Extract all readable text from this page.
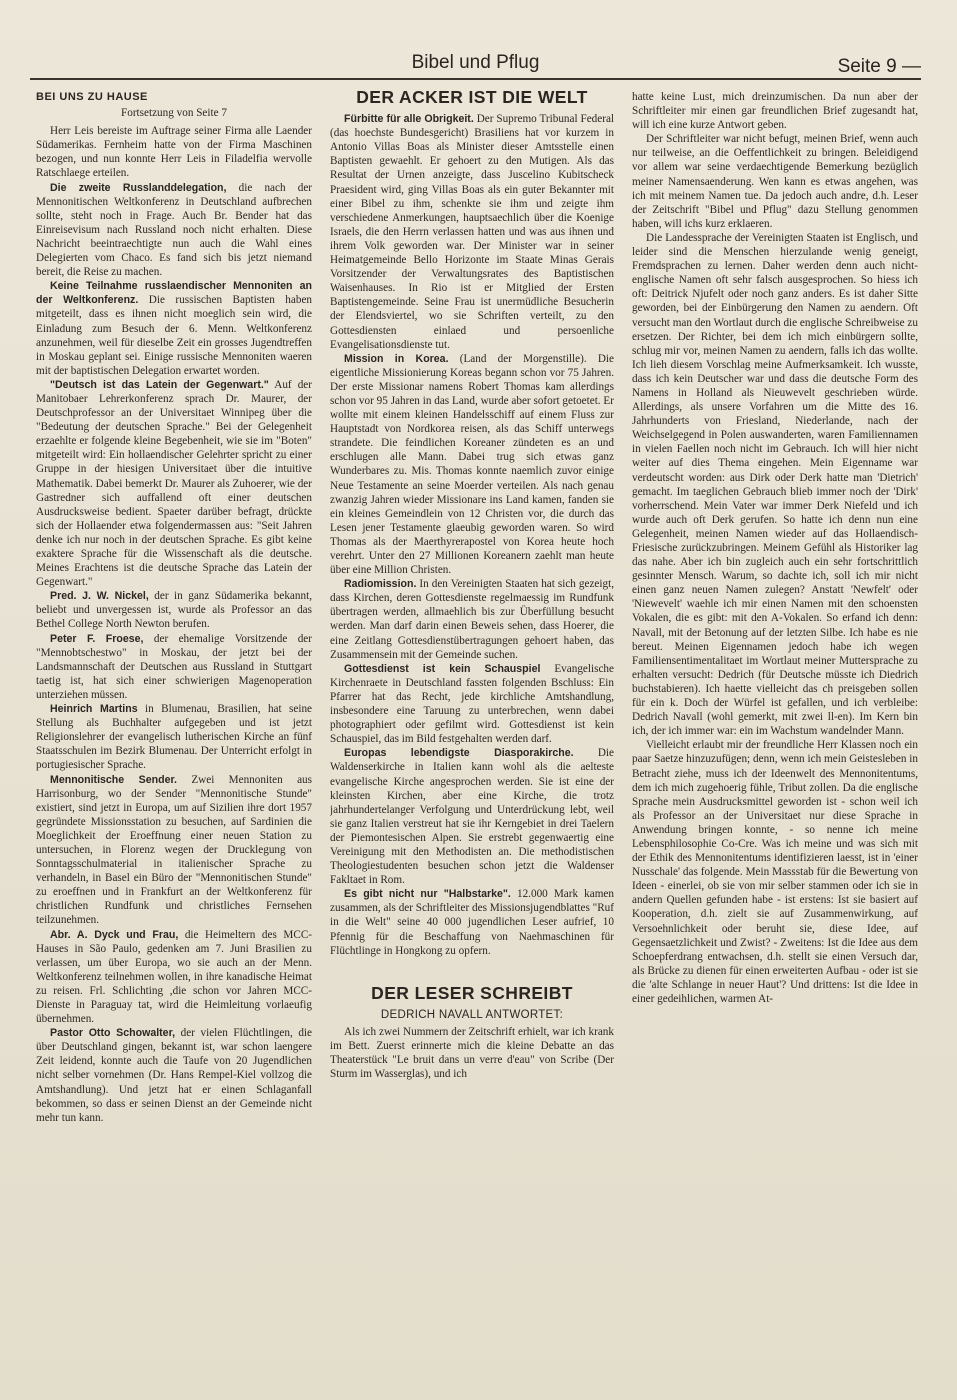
Bibel und Pflug	Seite 9 —
BEI UNS ZU HAUSE
Fortsetzung von Seite 7

Herr Leis bereiste im Auftrage seiner Firma alle Laender Südamerikas. Fernheim hatte von der Firma Maschinen bezogen, und nun konnte Herr Leis in Filadelfia wervolle Ratschlaege erteilen.

Die zweite Russlanddelegation, die nach der Mennonitischen Weltkonferenz in Deutschland aufbrechen sollte, steht noch in Frage. Auch Br. Bender hat das Einreisevisum nach Russland noch nicht erhalten. Diese Nachricht beeintraechtigte nun auch die Wahl eines Delegierten vom Chaco. Es fand sich bis jetzt niemand bereit, die Reise zu machen.

Keine Teilnahme russlaendischer Mennoniten an der Weltkonferenz. Die russischen Baptisten haben mitgeteilt, dass es ihnen nicht moeglich sein wird, die Einladung zum Besuch der 6. Menn. Weltkonferenz anzunehmen, weil für dieselbe Zeit ein grosses Jugendtreffen in Moskau geplant sei. Einige russische Mennoniten waeren mit der baptistischen Delegation erwartet worden.

"Deutsch ist das Latein der Gegenwart." Auf der Manitobaer Lehrerkonferenz sprach Dr. Maurer, der Deutschprofessor an der Universitaet Winnipeg über die "Bedeutung der deutschen Sprache." Bei der Gelegenheit erzaehlte er folgende kleine Begebenheit, wie sie im "Boten" mitgeteilt wird: Ein hollaendischer Gelehrter spricht zu einer Gruppe in der hiesigen Universitaet über die intuitive Mathematik. Dabei bemerkt Dr. Maurer als Zuhoerer, wie der Gastredner sich auffallend oft einer deutschen Ausdrucksweise bedient. Spaeter darüber befragt, drückte sich der Hollaender etwa folgendermassen aus: "Seit Jahren denke ich nur noch in der deutschen Sprache. Es gibt keine exaktere Sprache für die Wissenschaft als die deutsche. Meines Erachtens ist die deutsche Sprache das Latein der Gegenwart."

Pred. J. W. Nickel, der in ganz Südamerika bekannt, beliebt und unvergessen ist, wurde als Professor an das Bethel College North Newton berufen.

Peter F. Froese, der ehemalige Vorsitzende der "Mennobtschestwo" in Moskau, der jetzt bei der Landsmannschaft der Deutschen aus Russland in Stuttgart taetig ist, hat sich einer schwierigen Magenoperation unterziehen müssen.

Heinrich Martins in Blumenau, Brasilien, hat seine Stellung als Buchhalter aufgegeben und ist jetzt Religionslehrer der evangelisch lutherischen Kirche an fünf Staatsschulen im Bezirk Blumenau. Der Unterricht erfolgt in portugiesischer Sprache.

Mennonitische Sender. Zwei Mennoniten aus Harrisonburg, wo der Sender "Mennonitische Stunde" existiert, sind jetzt in Europa, um auf Sizilien ihre dort 1957 gegründete Missionsstation zu besuchen, auf Sardinien die Moeglichkeit der Eroeffnung einer neuen Station zu untersuchen, in Florenz wegen der Drucklegung von Sonntagsschulmaterial in italienischer Sprache zu verhandeln, in Basel ein Büro der "Mennonitischen Stunde" zu eroeffnen und in Frankfurt an der Weltkonferenz für christlichen Rundfunk und christliches Fernsehen teilzunehmen.

Abr. A. Dyck und Frau, die Heimeltern des MCC-Hauses in São Paulo, gedenken am 7. Juni Brasilien zu verlassen, um über Europa, wo sie auch an der Menn. Weltkonferenz teilnehmen wollen, in ihre kanadische Heimat zu reisen. Frl. Schlichting ,die schon vor Jahren MCC-Dienste in Paraguay tat, wird die Heimleitung vorlaeufig übernehmen.

Pastor Otto Schowalter, der vielen Flüchtlingen, die über Deutschland gingen, bekannt ist, war schon laengere Zeit leidend, konnte auch die Taufe von 20 Jugendlichen nicht selber vornehmen (Dr. Hans Rempel-Kiel vollzog die Amtshandlung). Und jetzt hat er einen Schlaganfall bekommen, so dass er seinen Dienst an der Gemeinde nicht mehr tun kann.

DER ACKER IST DIE WELT

Fürbitte für alle Obrigkeit. Der Supremo Tribunal Federal (das hoechste Bundesgericht) Brasiliens hat vor kurzem in Antonio Villas Boas als Minister dieser Amtsstelle einen Baptisten gewaehlt. Er gehoert zu den Mutigen. Als das Resultat der Urnen anzeigte, dass Juscelino Kubitscheck Praesident wird, ging Villas Boas als ein guter Bekannter mit einer Bibel zu ihm, schenkte sie ihm und zeigte ihm verschiedene Anmerkungen, hauptsaechlich über die Koenige Israels, die den Herrn verlassen hatten und was aus ihnen und ihrem Volk geworden war. Der Minister war in seiner Heimatgemeinde Bello Horizonte im Staate Minas Gerais Vorsitzender der Verwaltungsrates des Baptistischen Waisenhauses. In Rio ist er Mitglied der Ersten Baptistengemeinde. Seine Frau ist unermüdliche Besucherin der Elendsviertel, wo sie Schriften verteilt, zu den Gottesdiensten einlaed und persoenliche Evangelisationsdienste tut.

Mission in Korea. (Land der Morgenstille). Die eigentliche Missionierung Koreas begann schon vor 75 Jahren. Der erste Missionar namens Robert Thomas kam allerdings schon vor 95 Jahren in das Land, wurde aber sofort getoetet. Er wollte mit einem kleinen Handelsschiff auf einem Fluss zur Hauptstadt von Nordkorea reisen, als das Schiff unterwegs strandete. Die feindlichen Koreaner zündeten es an und erschlugen alle Mann. Dabei trug sich etwas ganz Wunderbares zu. Mis. Thomas konnte naemlich zuvor einige Neue Testamente an seine Moerder verteilen. Als nach genau zwanzig Jahren wieder Missionare ins Land kamen, fanden sie ein kleines Gemeindlein von 12 Christen vor, die durch das Lesen jener Testamente glaeubig geworden waren. So wird Thomas als der Maerthyrerapostel von Korea heute hoch verehrt. Unter den 27 Millionen Koreanern zaehlt man heute über eine Million Christen.

Radiomission. In den Vereinigten Staaten hat sich gezeigt, dass Kirchen, deren Gottesdienste regelmaessig im Rundfunk übertragen werden, allmaehlich bis zur Überfüllung besucht werden. Man darf darin einen Beweis sehen, dass Hoerer, die eine Zeitlang Gottesdienstübertragungen gehoert haben, das Zusammensein mit der Gemeinde suchen.

Gottesdienst ist kein Schauspiel Evangelische Kirchenraete in Deutschland fassten folgenden Bschluss: Ein Pfarrer hat das Recht, jede kirchliche Amtshandlung, insbesondere eine Taruung zu unterbrechen, wenn dabei photographiert oder gefilmt wird. Gottesdienst ist kein Schauspiel, das im Bild festgehalten werden darf.

Europas lebendigste Diasporakirche. Die Waldenserkirche in Italien kann wohl als die aelteste evangelische Kirche angesprochen werden. Sie ist eine der kleinsten Kirchen, aber eine Kirche, die trotz jahrhundertelanger Verfolgung und Unterdrückung lebt, weil sie ganz Italien verstreut hat sie ihr Kerngebiet in drei Taelern der Piemontesischen Alpen. Sie erstrebt gegenwaertig eine Vereinigung mit den Methodisten an. Die methodistischen Theologiestudenten besuchen schon jetzt die Waldenser Fakltaet in Rom.

Es gibt nicht nur "Halbstarke". 12.000 Mark kamen zusammen, als der Schriftleiter des Missionsjugendblattes "Ruf in die Welt" seine 40 000 jugendlichen Leser aufrief, 10 Pfennig für die Beschaffung von Naehmaschinen für Flüchtlinge in Hongkong zu opfern.

DER LESER SCHREIBT
DEDRICH NAVALL ANTWORTET:

Als ich zwei Nummern der Zeitschrift erhielt, war ich krank im Bett. Zuerst erinnerte mich die kleine Debatte an das Theaterstück "Le bruit dans un verre d'eau" von Scribe (Der Sturm im Wasserglas), und ich

hatte keine Lust, mich dreinzumischen. Da nun aber der Schriftleiter mir einen gar freundlichen Brief zugesandt hat, will ich eine kurze Antwort geben.

Der Schriftleiter war nicht befugt, meinen Brief, wenn auch nur teilweise, an die Oeffentlichkeit zu bringen. Beleidigend vor allem war seine verdaechtigende Bemerkung bezüglich meiner Namensaenderung. Wen kann es etwas angehen, was ich mit meinem Namen tue. Da jedoch auch andre, d.h. Leser der Zeitschrift "Bibel und Pflug" dazu Stellung genommen haben, will ichs kurz erklaeren.

Die Landessprache der Vereinigten Staaten ist Englisch, und leider sind die Menschen hierzulande wenig geneigt, Fremdsprachen zu lernen. Daher werden denn auch nicht-englische Namen oft sehr falsch ausgesprochen. So hiess ich oft: Deitrick Njufelt oder noch ganz anders. Es ist daher Sitte geworden, bei der Einbürgerung den Namen zu aendern. Oft versucht man den Wortlaut durch die englische Schreibweise zu ersetzen. Der Richter, bei dem ich mich einbürgern sollte, schlug mir vor, meinen Namen zu aendern, falls ich das wollte. Ich lieh diesem Vorschlag meine Aufmerksamkeit. Ich wusste, dass ich kein Deutscher war und dass die deutsche Form des Namens in Holland als Nieuwevelt geschrieben würde. Allerdings, als unsere Vorfahren um die Mitte des 16. Jahrhunderts von Friesland, Niederlande, nach der Weichselgegend in Polen auswanderten, waren Familiennamen in vielen Faellen noch nicht im Gebrauch. Ich will hier nicht weiter auf dies Thema eingehen. Mein Eigenname war verdeutscht worden: aus Dirk oder Derk hatte man 'Dietrich' gemacht. Im taeglichen Gebrauch blieb immer noch der 'Dirk' vorherrschend. Mein Vater war immer Derk Niefeld und ich wurde auch oft Derk gerufen. So hatte ich denn nun eine Gelegenheit, meinen Namen wieder auf das Hollaendisch-Friesische zurückzubringen. Meinem Gefühl als Historiker lag das nahe. Aber ich bin zugleich auch ein sehr fortschrittlich gesinnter Mensch. Warum, so dachte ich, soll ich mir nicht einen ganz neuen Namen zulegen? Anstatt 'Newfelt' oder 'Niewevelt' waehle ich mir einen Namen mit den schoensten Vokalen, die es gibt: mit den A-Vokalen. So erfand ich denn: Navall, mit der Betonung auf der letzten Silbe. Ich habe es nie bereut. Meinen Eigennamen jedoch habe ich wegen Familiensentimentalitaet im Wortlaut meiner Muttersprache zu erhalten versucht: Dedrich (für Deutsche müsste ich Diedrich buchstabieren). Ich haette vielleicht das ch preisgeben sollen für ein k. Doch der Würfel ist gefallen, und ich verbleibe: Dedrich Navall (wohl gemerkt, mit zwei ll-en). Im Kern bin ich, der ich immer war: ein im Wachstum wandelnder Mann.

Vielleicht erlaubt mir der freundliche Herr Klassen noch ein paar Saetze hinzuzufügen; denn, wenn ich mein Geistesleben in Betracht ziehe, muss ich der Ideenwelt des Mennonitentums, dem ich mich zugehoerig fühle, Tribut zollen. Da die englische Sprache mein Ausdrucksmittel geworden ist - schon weil ich als Professor an der Universitaet nur diese Sprache in Anwendung bringen konnte, - so nenne ich meine Lebensphilosophie Co-Cre. Was ich meine und was sich mit der Ethik des Mennonitentums identifizieren laesst, ist in 'einer Nusschale' das folgende. Mein Massstab für die Bewertung von Ideen - einerlei, ob sie von mir selber stammen oder ich sie in andern Quellen gefunden habe - ist erstens: Ist sie basiert auf Kooperation, d.h. zielt sie auf Zusammenwirkung, auf Versoehnlichkeit oder beruht sie, diese Idee, auf Gegensaetzlichkeit und Zwist? - Zweitens: Ist die Idee aus dem Schoepferdrang entwachsen, d.h. stellt sie einen Versuch dar, als Brücke zu dienen für einen erweiterten Aufbau - oder ist sie die 'alte Schlange in neuer Haut'? Und drittens: Ist die Idee in einer gedeihlichen, warmen At-
